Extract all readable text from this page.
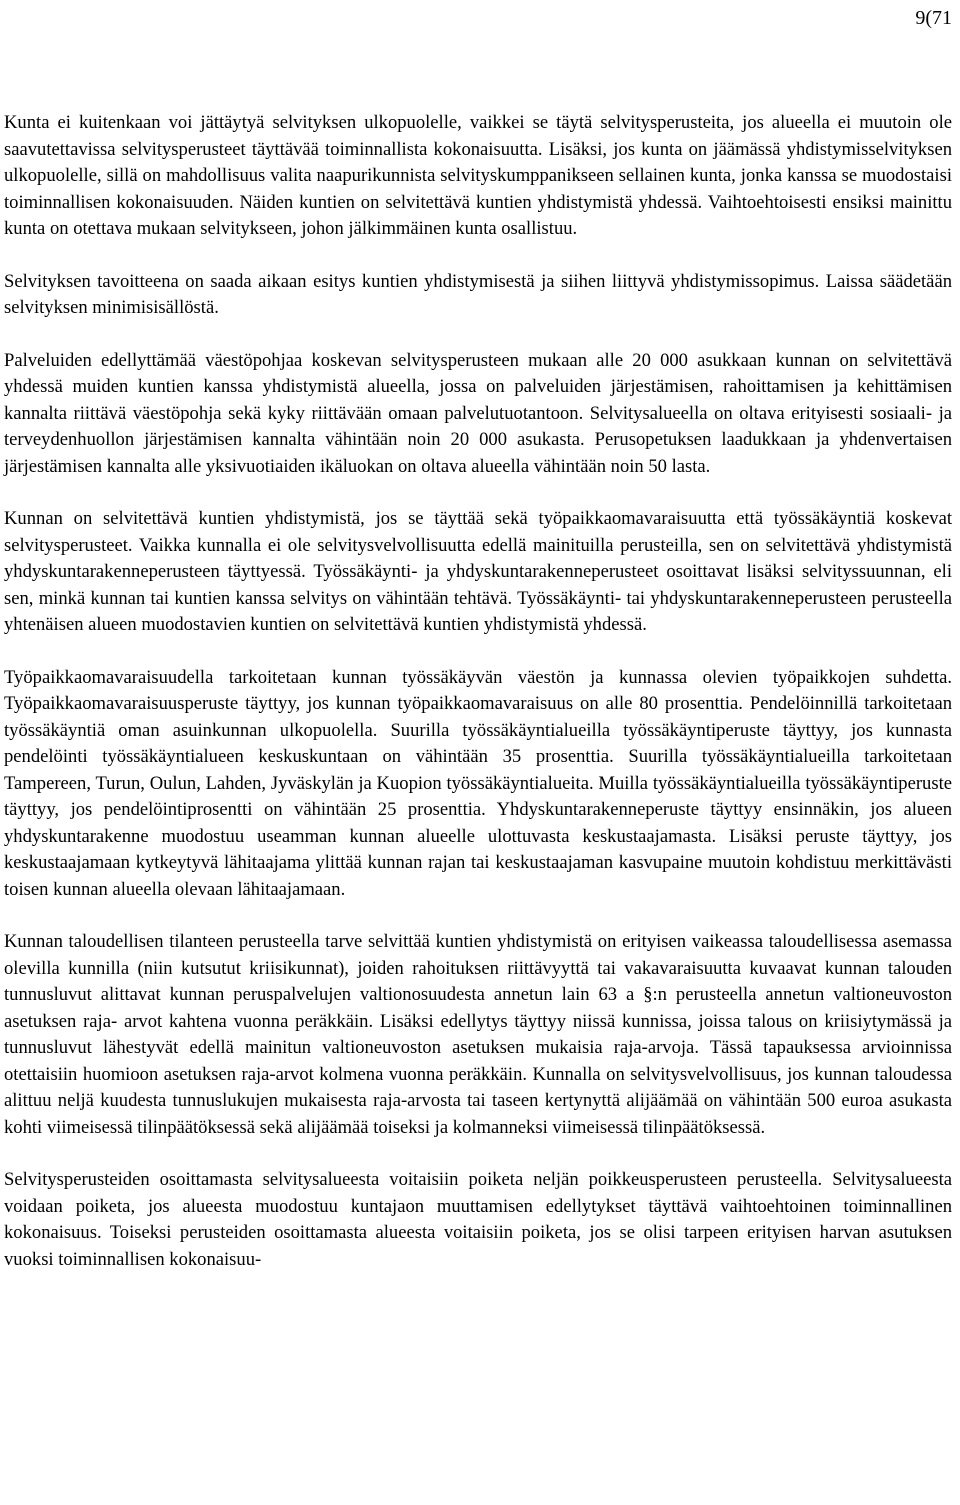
9(71

Kunta ei kuitenkaan voi jättäytyä selvityksen ulkopuolelle, vaikkei se täytä selvitysperusteita, jos alueella ei muutoin ole saavutettavissa selvitysperusteet täyttävää toiminnallista kokonaisuutta. Lisäksi, jos kunta on jäämässä yhdistymisselvityksen ulkopuolelle, sillä on mahdollisuus valita naapurikunnista selvityskumppanikseen sellainen kunta, jonka kanssa se muodostaisi toiminnallisen kokonaisuuden. Näiden kuntien on selvitettävä kuntien yhdistymistä yhdessä. Vaihtoehtoisesti ensiksi mainittu kunta on otettava mukaan selvitykseen, johon jälkimmäinen kunta osallistuu.

Selvityksen tavoitteena on saada aikaan esitys kuntien yhdistymisestä ja siihen liittyvä yhdistymissopimus. Laissa säädetään selvityksen minimisisällöstä.

Palveluiden edellyttämää väestöpohjaa koskevan selvitysperusteen mukaan alle 20 000 asukkaan kunnan on selvitettävä yhdessä muiden kuntien kanssa yhdistymistä alueella, jossa on palveluiden järjestämisen, rahoittamisen ja kehittämisen kannalta riittävä väestöpohja sekä kyky riittävään omaan palvelutuotantoon. Selvitysalueella on oltava erityisesti sosiaali- ja terveydenhuollon järjestämisen kannalta vähintään noin 20 000 asukasta. Perusopetuksen laadukkaan ja yhdenvertaisen järjestämisen kannalta alle yksivuotiaiden ikäluokan on oltava alueella vähintään noin 50 lasta.

Kunnan on selvitettävä kuntien yhdistymistä, jos se täyttää sekä työpaikkaomavaraisuutta että työssäkäyntiä koskevat selvitysperusteet. Vaikka kunnalla ei ole selvitysvelvollisuutta edellä mainituilla perusteilla, sen on selvitettävä yhdistymistä yhdyskuntarakenneperusteen täyttyessä. Työssäkäynti- ja yhdyskuntarakenneperusteet osoittavat lisäksi selvityssuunnan, eli sen, minkä kunnan tai kuntien kanssa selvitys on vähintään tehtävä. Työssäkäynti- tai yhdyskuntarakenneperusteen perusteella yhtenäisen alueen muodostavien kuntien on selvitettävä kuntien yhdistymistä yhdessä.

Työpaikkaomavaraisuudella tarkoitetaan kunnan työssäkäyvän väestön ja kunnassa olevien työpaikkojen suhdetta. Työpaikkaomavaraisuusperuste täyttyy, jos kunnan työpaikkaomavaraisuus on alle 80 prosenttia. Pendelöinnillä tarkoitetaan työssäkäyntiä oman asuinkunnan ulkopuolella. Suurilla työssäkäyntialueilla työssäkäyntiperuste täyttyy, jos kunnasta pendelöinti työssäkäyntialueen keskuskuntaan on vähintään 35 prosenttia. Suurilla työssäkäyntialueilla tarkoitetaan Tampereen, Turun, Oulun, Lahden, Jyväskylän ja Kuopion työssäkäyntialueita. Muilla työssäkäyntialueilla työssäkäyntiperuste täyttyy, jos pendelöintiprosentti on vähintään 25 prosenttia. Yhdyskuntarakenneperuste täyttyy ensinnäkin, jos alueen yhdyskuntarakenne muodostuu useamman kunnan alueelle ulottuvasta keskustaajamasta. Lisäksi peruste täyttyy, jos keskustaajamaan kytkeytyvä lähitaajama ylittää kunnan rajan tai keskustaajaman kasvupaine muutoin kohdistuu merkittävästi toisen kunnan alueella olevaan lähitaajamaan.

Kunnan taloudellisen tilanteen perusteella tarve selvittää kuntien yhdistymistä on erityisen vaikeassa taloudellisessa asemassa olevilla kunnilla (niin kutsutut kriisikunnat), joiden rahoituksen riittävyyttä tai vakavaraisuutta kuvaavat kunnan talouden tunnusluvut alittavat kunnan peruspalvelujen valtionosuudesta annetun lain 63 a §:n perusteella annetun valtioneuvoston asetuksen raja- arvot kahtena vuonna peräkkäin. Lisäksi edellytys täyttyy niissä kunnissa, joissa talous on kriisiytymässä ja tunnusluvut lähestyvät edellä mainitun valtioneuvoston asetuksen mukaisia raja-arvoja. Tässä tapauksessa arvioinnissa otettaisiin huomioon asetuksen raja-arvot kolmena vuonna peräkkäin. Kunnalla on selvitysvelvollisuus, jos kunnan taloudessa alittuu neljä kuudesta tunnuslukujen mukaisesta raja-arvosta tai taseen kertynyttä alijäämää on vähintään 500 euroa asukasta kohti viimeisessä tilinpäätöksessä sekä alijäämää toiseksi ja kolmanneksi viimeisessä tilinpäätöksessä.

Selvitysperusteiden osoittamasta selvitysalueesta voitaisiin poiketa neljän poikkeusperusteen perusteella. Selvitysalueesta voidaan poiketa, jos alueesta muodostuu kuntajaon muuttamisen edellytykset täyttävä vaihtoehtoinen toiminnallinen kokonaisuus. Toiseksi perusteiden osoittamasta alueesta voitaisiin poiketa, jos se olisi tarpeen erityisen harvan asutuksen vuoksi toiminnallisen kokonaisuu-
